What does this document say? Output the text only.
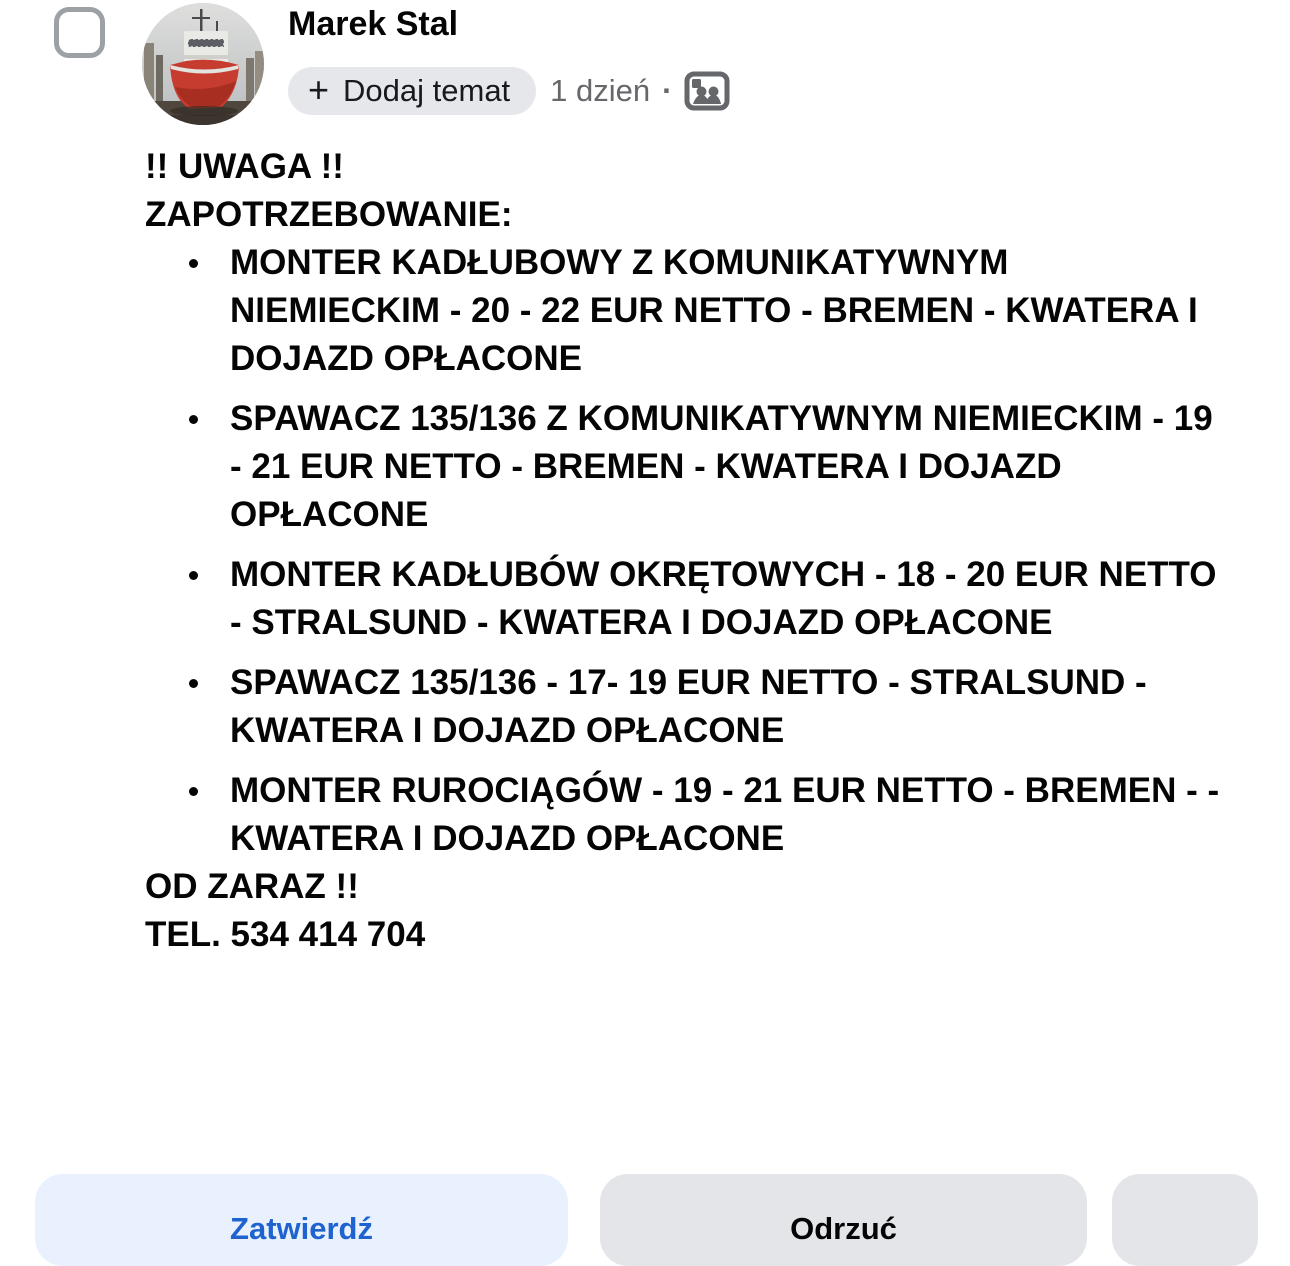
Marek Stal
+ Dodaj temat 1 dzień ·

!! UWAGA !!

ZAPOTRZEBOWANIE:

MONTER KADŁUBOWY Z KOMUNIKATYWNYM NIEMIECKIM - 20 - 22 EUR NETTO - BREMEN - KWATERA I DOJAZD OPŁACONE
SPAWACZ 135/136 Z KOMUNIKATYWNYM NIEMIECKIM - 19 - 21 EUR NETTO - BREMEN - KWATERA I DOJAZD OPŁACONE
MONTER KADŁUBÓW OKRĘTOWYCH - 18 - 20 EUR NETTO - STRALSUND - KWATERA I DOJAZD OPŁACONE
SPAWACZ 135/136 - 17- 19 EUR NETTO - STRALSUND - KWATERA I DOJAZD OPŁACONE
MONTER RUROCIĄGÓW - 19 - 21 EUR NETTO - BREMEN - - KWATERA I DOJAZD OPŁACONE

OD ZARAZ !!

TEL. 534 414 704

Zatwierdź	Odrzuć
